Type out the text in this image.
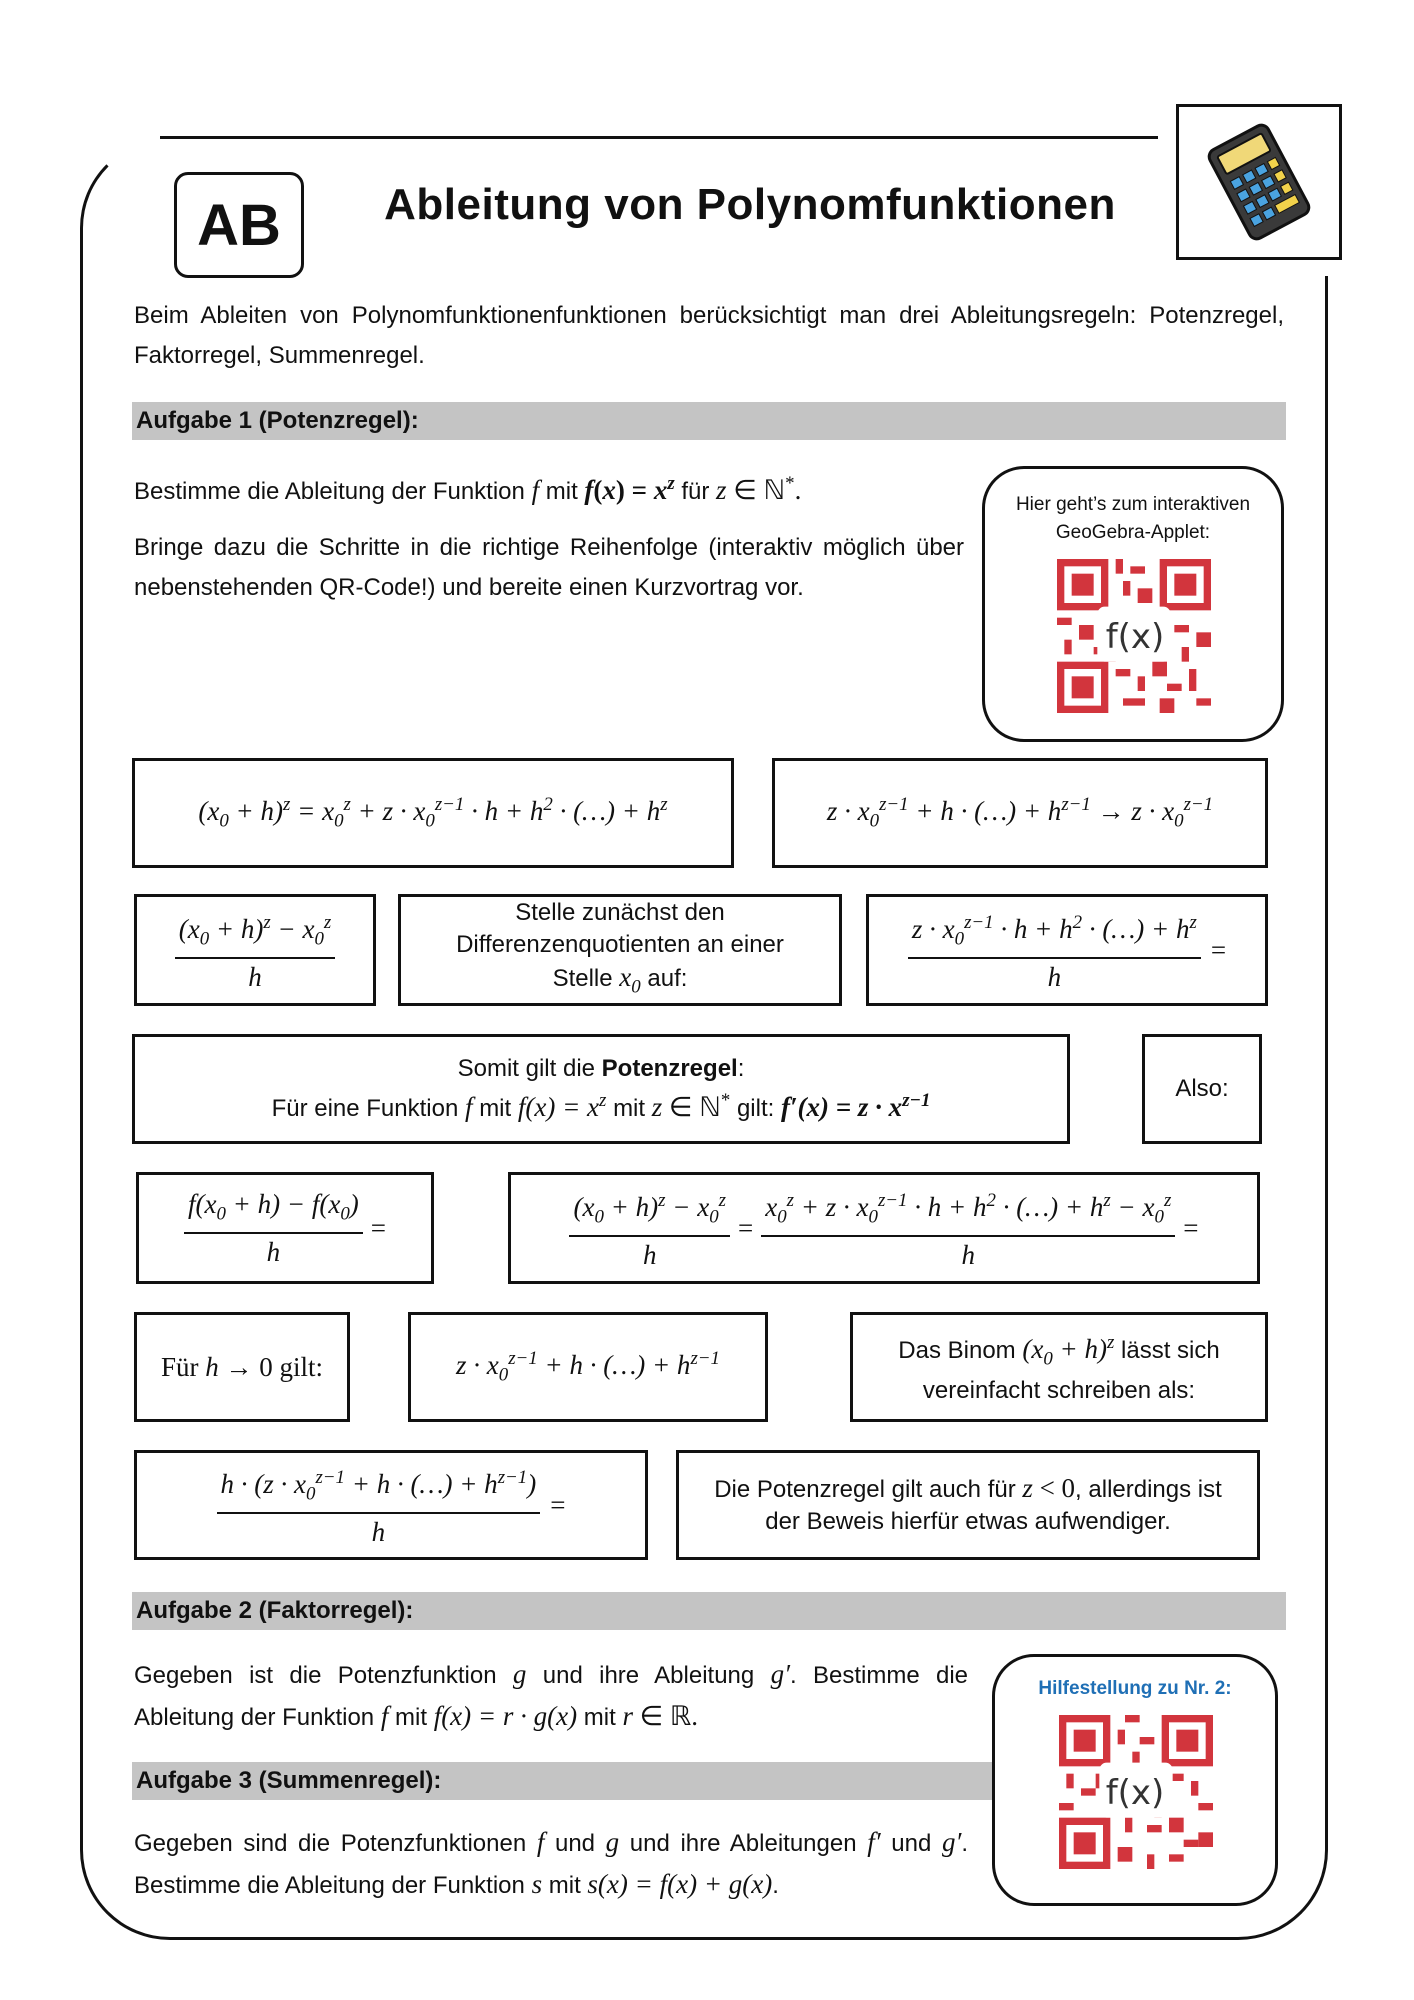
AB	Ableitung von Polynomfunktionen
Beim Ableiten von Polynomfunktionenfunktionen berücksichtigt man drei Ableitungsregeln: Potenzregel, Faktorregel, Summenregel.
Aufgabe 1 (Potenzregel):
Bestimme die Ableitung der Funktion f mit $f(x) = x^z$ für z ∈ ℕ*.
Bringe dazu die Schritte in die richtige Reihenfolge (interaktiv möglich über nebenstehenden QR-Code!) und bereite einen Kurzvortrag vor.
Hier geht’s zum interaktiven GeoGebra-Applet:
f(x)
$(x_0 + h)^z = x_0^z + z \cdot x_0^{z-1} \cdot h + h^2$ · (…) + $h^z$	$z \cdot x_0^{z-1} + h$ · (…) + $h^{z-1} \to z \cdot x_0^{z-1}$
$\frac{(x_0 + h)^z - x_0^z}{h}$	Stelle zunächst den Differenzenquotienten an einer Stelle $x_0$ auf:	$\frac{z \cdot x_0^{z-1} \cdot h + h^2 \cdot (\dots) + h^z}{h}$ =
Somit gilt die Potenzregel:
Für eine Funktion f mit $f(x) = x^z$ mit z ∈ ℕ* gilt: $f'(x) = z \cdot x^{z-1}$	Also:
$\frac{f(x_0 + h) - f(x_0)}{h}$ =	$\frac{(x_0 + h)^z - x_0^z}{h} = \frac{x_0^z + z \cdot x_0^{z-1} \cdot h + h^2 \cdot (\dots) + h^z - x_0^z}{h}$ =
Für h → 0 gilt:	$z \cdot x_0^{z-1} + h$ · (…) + $h^{z-1}$	Das Binom $(x_0 + h)^z$ lässt sich vereinfacht schreiben als:
$\frac{h \cdot (z \cdot x_0^{z-1} + h \cdot (\dots) + h^{z-1})}{h}$ =
Die Potenzregel gilt auch für z < 0, allerdings ist der Beweis hierfür etwas aufwendiger.
Aufgabe 2 (Faktorregel):
Gegeben ist die Potenzfunktion g und ihre Ableitung g′. Bestimme die Ableitung der Funktion f mit f(x) = r · g(x) mit r ∈ ℝ.
Aufgabe 3 (Summenregel):
Gegeben sind die Potenzfunktionen f und g und ihre Ableitungen f′ und g′. Bestimme die Ableitung der Funktion s mit s(x) = f(x) + g(x).
Hilfestellung zu Nr. 2:
f(x)
